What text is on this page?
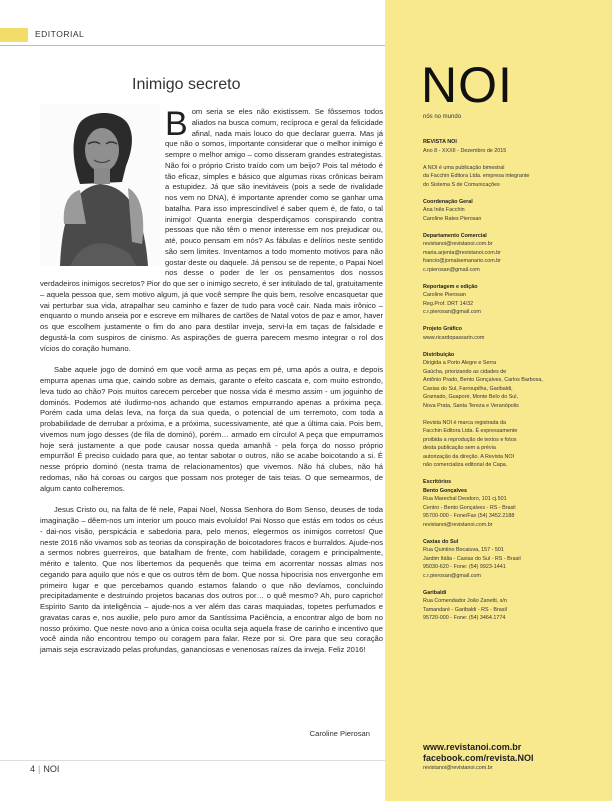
EDITORIAL
Inimigo secreto

Bom seria se eles não existissem. Se fôssemos todos aliados na busca comum, recíproca e geral da felicidade afinal, nada mais louco do que declarar guerra. Mas já que não o somos, importante considerar que o melhor inimigo é sempre o melhor amigo – como disseram grandes estrategistas. Não foi o próprio Cristo traído com um beijo? Pois tal método é tão eficaz, simples e básico que algumas rixas crônicas beiram a estupidez. Já que são inevitáveis (pois a sede de rivalidade nos vem no DNA), é importante aprender como se ganhar uma batalha. Para isso imprescindível é saber quem é, de fato, o tal inimigo! Quanta energia desperdiçamos conspirando contra pessoas que não têm o menor interesse em nos prejudicar ou, até, pouco pensam em nós? As fábulas e delírios neste sentido são sem limites. Inventamos a todo momento motivos para não gostar deste ou daquele. Já pensou se de repente, o Papai Noel nos desse o poder de ler os pensamentos dos nossos verdadeiros inimigos secretos? Pior do que ser o inimigo secreto, é ser intitulado de tal, gratuitamente – aquela pessoa que, sem motivo algum, já que você sempre lhe quis bem, resolve encasquetar que vai perturbar sua vida, atrapalhar seu caminho e fazer de tudo para você cair. Nada mais irônico – enquanto o mundo anseia por e escreve em milhares de cartões de Natal votos de paz e amor, haver os que escolhem justamente o fim do ano para destilar inveja, servi-la em taças de falsidade e degustá-la com suspiros de cinismo. As aspirações de guerra parecem mesmo integrar o rol dos vícios do coração humano.

Sabe aquele jogo de dominó em que você arma as peças em pé, uma após a outra, e depois empurra apenas uma que, caindo sobre as demais, garante o efeito cascata e, com muito estrondo, leva tudo ao chão? Pois muitos carecem perceber que nossa vida é mesmo assim - um joguinho de dominós. Podemos até iludirmo-nos achando que estamos empurrando apenas a próxima peça. Porém cada uma delas leva, na força da sua queda, o potencial de um terremoto, com toda a probabilidade de derrubar a próxima, e a próxima, sucessivamente, até que a última caia. Pois bem, vivemos num jogo desses (de fila de dominó), porém… armado em círculo! A peça que empurramos hoje será justamente a que pode causar nossa queda amanhã - pela força do nosso próprio empurrão! É preciso cuidado para que, ao tentar sabotar o outros, não se acabe boicotando a si. É nesse próprio dominó (nesta trama de relacionamentos) que vivemos. Não há clubes, não há redomas, não há coroas ou cargos que possam nos proteger de tais teias. O que semearmos, de algum canto colheremos.

Jesus Cristo ou, na falta de fé nele, Papai Noel, Nossa Senhora do Bom Senso, deuses de toda imaginação – dêem-nos um interior um pouco mais evoluído! Pai Nosso que estás em todos os céus - dai-nos visão, perspicácia e sabedoria para, pelo menos, elegermos os inimigos corretos! Que neste 2016 não vivamos sob as teorias da conspiração de boicotadores fracos e burraldos. Ajude-nos a sermos nobres guerreiros, que batalham de frente, com habilidade, coragem e principalmente, mérito e talento. Que nos libertemos da pequenês que teima em acorrentar nossas almas nos cegando para aquilo que nós e que os outros têm de bom. Que nossa hipocrisia nos envergonhe em primeiro lugar e que percebamos quando estamos falando o que não devíamos, concluindo precipitadamente e destruindo projetos bacanas dos outros por… o quê mesmo? Ah, puro capricho! Espírito Santo da inteligência – ajude-nos a ver além das caras maquiadas, topetes perfumados e gravatas caras e, nos auxilie, pelo puro amor da Santíssima Paciência, a encontrar algo de bom no nosso próximo. Que neste novo ano a única coisa oculta seja aquela frase de carinho e incentivo que você ainda não encontrou tempo ou coragem para falar. Reze por si. Ore para que seu coração jamais seja escravizado pelas profundas, gananciosas e venenosas raízes da inveja. Feliz 2016!

Caroline Pierosan
4 | NOI
NOI
nós no mundo
REVISTA NOI
Ano 8 - XXXII - Dezembro de 2015
A NOI é uma publicação bimestral
da Facchin Editora Ltda. empresa integrante
do Sistema S de Comunicações
Coordenação Geral
Ana Inês Facchin
Caroline Rates Pierosan
Departamento Comercial
revistanoi@revistanoi.com.br
maria.arjenta@revistanoi.com.br
francio@jornalsemanario.com.br
c.rpierosan@gmail.com
Reportagem e edição
Caroline Pierosan
Reg.Prof. DRT 14/32
c.r.pierosan@gmail.com
Projeto Gráfico
www.ricardopassarin.com
Distribuição
Dirigida a Porto Alegre e Serra
Gaúcha, priorizando as cidades de
Antônio Prado, Bento Gonçalves, Carlos Barbosa,
Caxias do Sul, Farroupilha, Garibaldi,
Gramado, Guaporé, Monte Belo do Sul,
Nova Prata, Santa Tereza e Veranópolis
Revista NOI é marca registrada da
Facchin Editora Ltda. É expressamente
proibida a reprodução de textos e fotos
desta publicação sem a prévia
autorização da direção. A Revista NOI
não comercializa editorial de Capa.
Escritórios
Bento Gonçalves
Rua Marechal Deodoro, 101 cj.501
Centro - Bento Gonçalves - RS - Brasil
95700-000 - Fone/Fax (54) 3452.2188
revistanoi@revistanoi.com.br
Caxias do Sul
Rua Quintino Bocaiuva, 157 - 501
Jardim Itália - Caxias do Sul - RS - Brasil
95030-620 - Fone: (54) 9923-1441
c.r.pierosan@gmail.com
Garibaldi
Rua Comendador João Zanetti, s/n
Tamandaré - Garibaldi - RS - Brasil
95720-000 - Fone: (54) 3464.1774
www.revistanoi.com.br
facebook.com/revista.NOI
revistanoi@revistanoi.com.br
